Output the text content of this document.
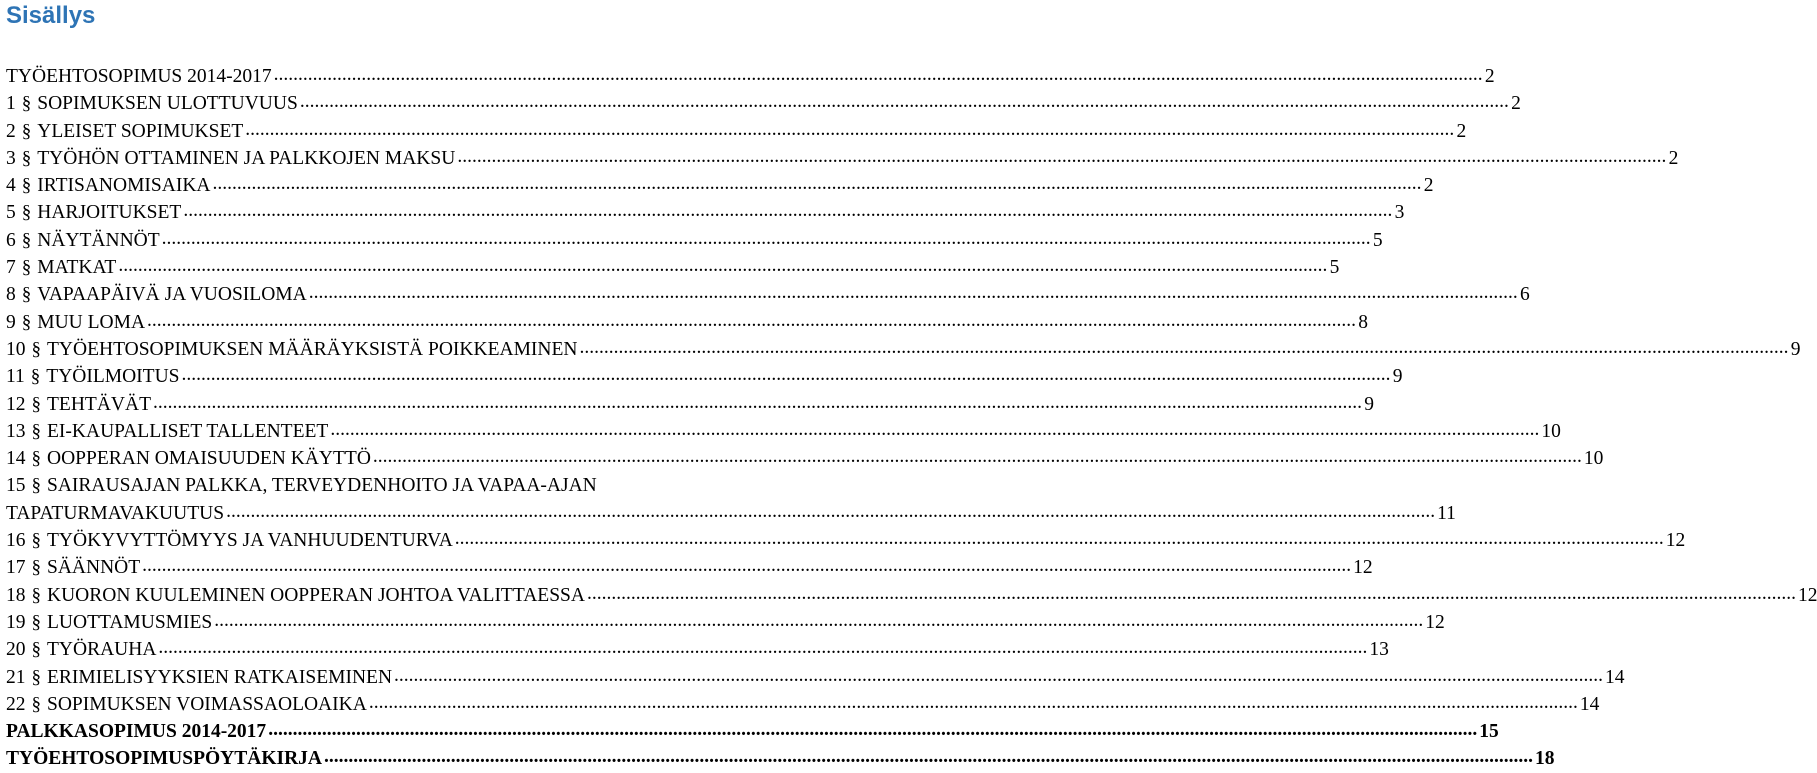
Sisällys
TYÖEHTOSOPIMUS 2014-2017 .....	2
1 § SOPIMUKSEN ULOTTUVUUS .....	2
2 § YLEISET SOPIMUKSET .....	2
3 § TYÖHÖN OTTAMINEN JA PALKKOJEN MAKSU .....	2
4 § IRTISANOMISAIKA .....	2
5 § HARJOITUKSET .....	3
6 § NÄYTÄNNÖT .....	5
7 § MATKAT .....	5
8 § VAPAAPÄIVÄ JA VUOSILOMA .....	6
9 § MUU LOMA .....	8
10 § TYÖEHTOSOPIMUKSEN MÄÄRÄYKSISTÄ POIKKEAMINEN .....	9
11 § TYÖILMOITUS .....	9
12 § TEHTÄVÄT .....	9
13 § EI-KAUPALLISET TALLENTEET .....	10
14 § OOPPERAN OMAISUUDEN KÄYTTÖ .....	10
15 § SAIRAUSAJAN PALKKA, TERVEYDENHOITO JA VAPAA-AJAN
TAPATURMAVAKUUTUS .....	11
16 § TYÖKYVYTTÖMYYS JA VANHUUDENTURVA .....	12
17 § SÄÄNNÖT .....	12
18 § KUORON KUULEMINEN OOPPERAN JOHTOA VALITTAESSA .....	12
19 § LUOTTAMUSMIES .....	12
20 § TYÖRAUHA .....	13
21 § ERIMIELISYYKSIEN RATKAISEMINEN .....	14
22 § SOPIMUKSEN VOIMASSAOLOAIKA .....	14
PALKKASOPIMUS 2014-2017 .....	15
TYÖEHTOSOPIMUSPÖYTÄKIRJA .....	18
